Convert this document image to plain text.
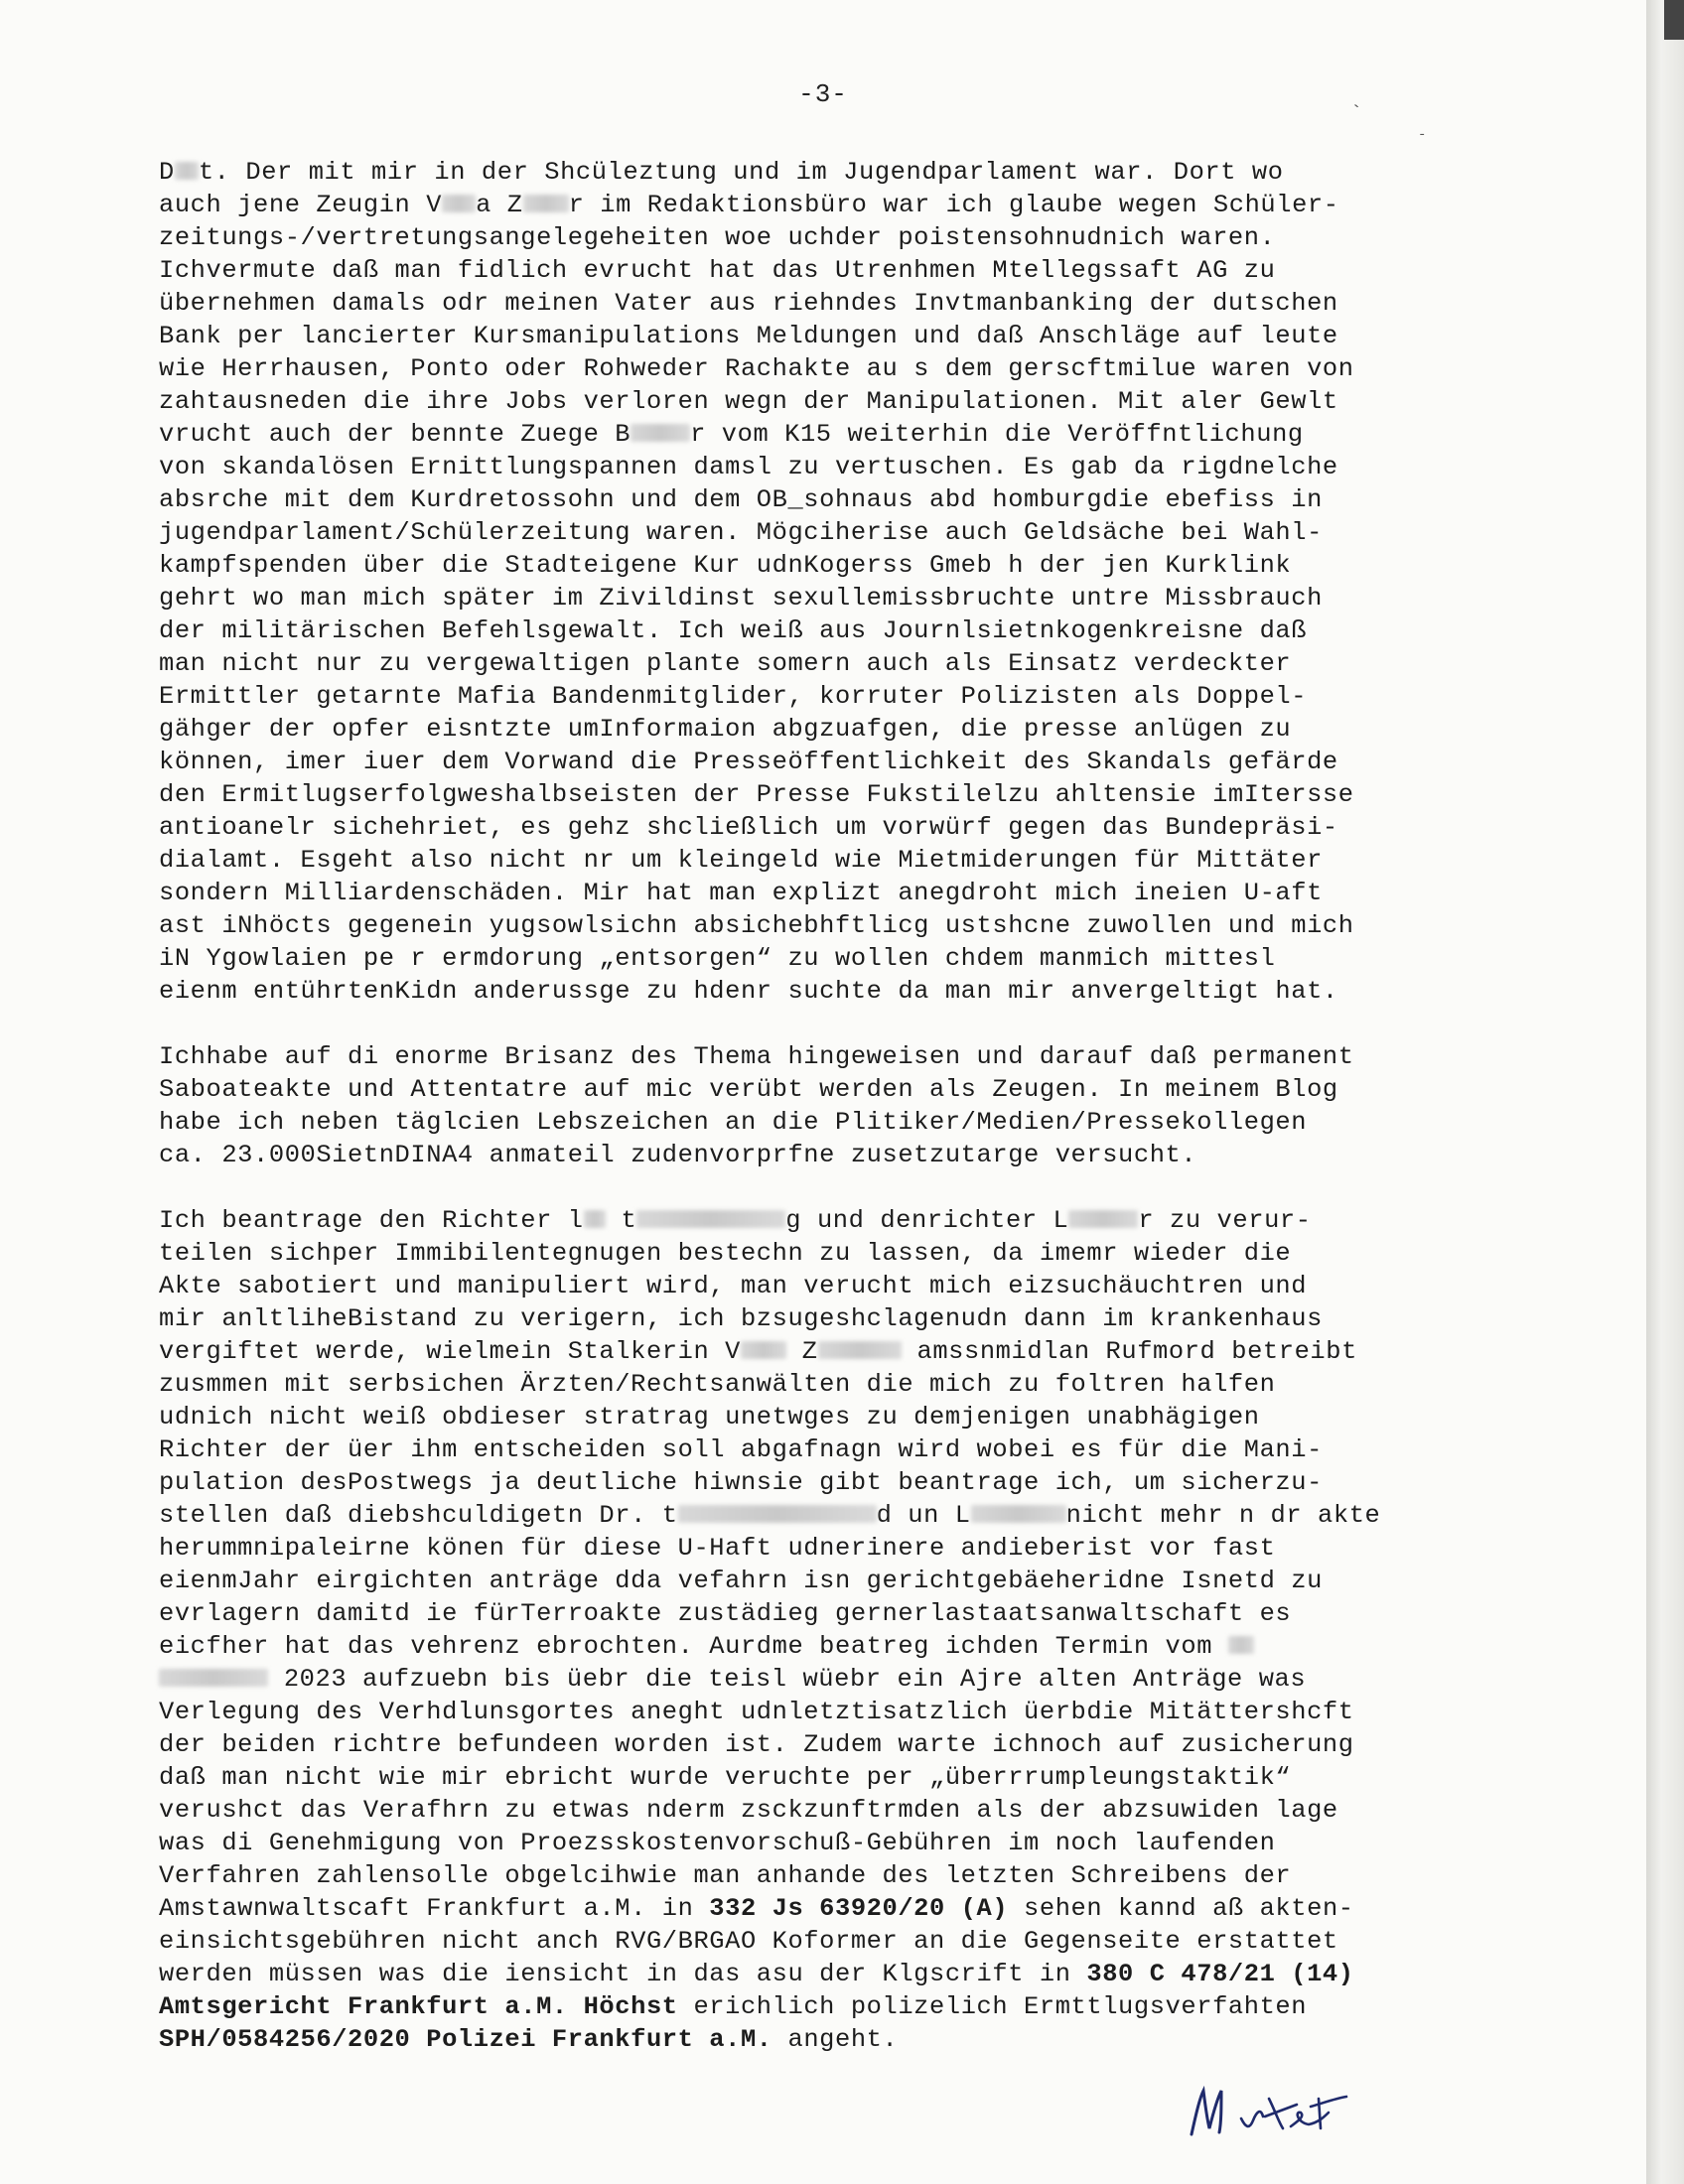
-3-
`
-
D t. Der mit mir in der Shcüleztung und im Jugendparlament war. Dort wo
auch jene Zeugin V a Z r im Redaktionsbüro war ich glaube wegen Schüler-
zeitungs-/vertretungsangelegeheiten woe uchder poistensohnudnich waren.
Ichvermute daß man fidlich evrucht hat das Utrenhmen Mtellegssaft AG zu
übernehmen damals odr meinen Vater aus riehndes Invtmanbanking der dutschen
Bank per lancierter Kursmanipulations Meldungen und daß Anschläge auf leute
wie Herrhausen, Ponto oder Rohweder Rachakte au s dem gerscftmilue waren von
zahtausneden die ihre Jobs verloren wegn der Manipulationen. Mit aler Gewlt
vrucht auch der bennte Zuege B r vom K15 weiterhin die Veröffntlichung
von skandalösen Ernittlungspannen damsl zu vertuschen. Es gab da rigdnelche
absrche mit dem Kurdretossohn und dem OB_sohnaus abd homburgdie ebefiss in
jugendparlament/Schülerzeitung waren. Mögciherise auch Geldsäche bei Wahl-
kampfspenden über die Stadteigene Kur udnKogerss Gmeb h der jen Kurklink
gehrt wo man mich später im Zivildinst sexullemissbruchte untre Missbrauch
der militärischen Befehlsgewalt. Ich weiß aus Journlsietnkogenkreisne daß
man nicht nur zu vergewaltigen plante somern auch als Einsatz verdeckter
Ermittler getarnte Mafia Bandenmitglider, korruter Polizisten als Doppel-
gähger der opfer eisntzte umInformaion abgzuafgen, die presse anlügen zu
können, imer iuer dem Vorwand die Presseöffentlichkeit des Skandals gefärde
den Ermitlugserfolgweshalbseisten der Presse Fukstilelzu ahltensie imItersse
antioanelr sichehriet, es gehz shcließlich um vorwürf gegen das Bundepräsi-
dialamt. Esgeht also nicht nr um kleingeld wie Mietmiderungen für Mittäter
sondern Milliardenschäden. Mir hat man explizt anegdroht mich ineien U-aft
ast iNhöcts gegenein yugsowlsichn absichebhftlicg ustshcne zuwollen und mich
iN Ygowlaien pe r ermdorung „entsorgen“ zu wollen chdem manmich mittesl
eienm entührtenKidn anderussge zu hdenr suchte da man mir anvergeltigt hat.
Ichhabe auf di enorme Brisanz des Thema hingeweisen und darauf daß permanent
Saboateakte und Attentatre auf mic verübt werden als Zeugen. In meinem Blog
habe ich neben täglcien Lebszeichen an die Plitiker/Medien/Pressekollegen
ca. 23.000SietnDINA4 anmateil zudenvorprfne zusetzutarge versucht.
Ich beantrage den Richter l t	g und denrichter L	r zu verur-
teilen sichper Immibilentegnugen bestechn zu lassen, da imemr wieder die
Akte sabotiert und manipuliert wird, man verucht mich eizsuchäuchtren und
mir anltliheBistand zu verigern, ich bzsugeshclagenudn dann im krankenhaus
vergiftet werde, wielmein Stalkerin V Z	amssnmidlan Rufmord betreibt
zusmmen mit serbsichen Ärzten/Rechtsanwälten die mich zu foltren halfen
udnich nicht weiß obdieser stratrag unetwges zu demjenigen unabhägigen
Richter der üer ihm entscheiden soll abgafnagn wird wobei es für die Mani-
pulation desPostwegs ja deutliche hiwnsie gibt beantrage ich, um sicherzu-
stellen daß diebshculdigetn Dr. t	d un L	nicht mehr n dr akte
herummnipaleirne könen für diese U-Haft udnerinere andieberist vor fast
eienmJahr eirgichten anträge dda vefahrn isn gerichtgebäeheridne Isnetd zu
evrlagern damitd ie fürTerroakte zustädieg gernerlastaatsanwaltschaft es
eicfher hat das vehrenz ebrochten. Aurdme beatreg ichden Termin vom
2023 aufzuebn bis üebr die teisl wüebr ein Ajre alten Anträge was
Verlegung des Verhdlunsgortes aneght udnletztisatzlich üerbdie Mitättershcft
der beiden richtre befundeen worden ist. Zudem warte ichnoch auf zusicherung
daß man nicht wie mir ebricht wurde veruchte per „überrrumpleungstaktik“
verushct das Verafhrn zu etwas nderm zsckzunftrmden als der abzsuwiden lage
was di Genehmigung von Proezsskostenvorschuß-Gebühren im noch laufenden
Verfahren zahlensolle obgelcihwie man anhande des letzten Schreibens der
Amstawnwaltscaft Frankfurt a.M. in 332 Js 63920/20 (A) sehen kannd aß akten-
einsichtsgebühren nicht anch RVG/BRGAO Koformer an die Gegenseite erstattet
werden müssen was die iensicht in das asu der Klgscrift in 380 C 478/21 (14)
Amtsgericht Frankfurt a.M. Höchst erichlich polizelich Ermttlugsverfahten
SPH/0584256/2020 Polizei Frankfurt a.M. angeht.
